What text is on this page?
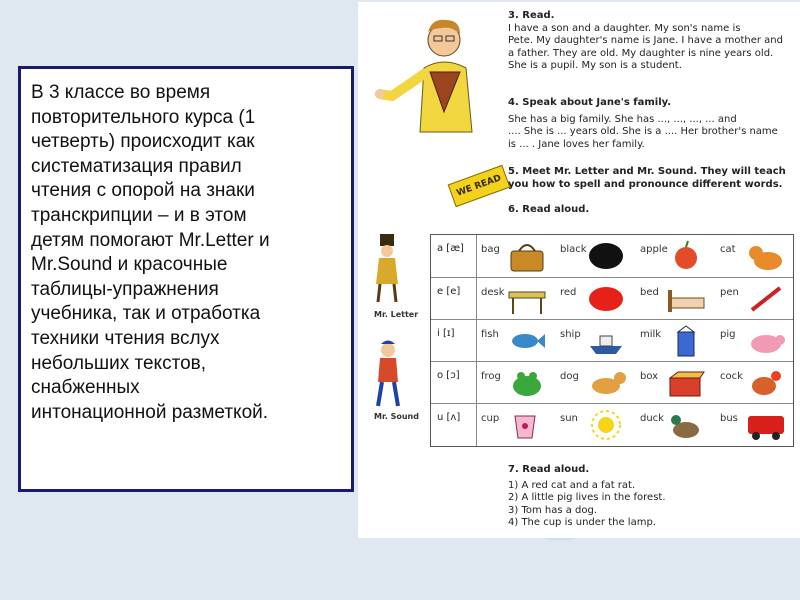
В 3 классе во время

повторительного курса (1

четверть) происходит как

систематизация правил

чтения с опорой на знаки

транскрипции – и в этом

детям помогают Mr.Letter и

Mr.Sound и красочные

таблицы-упражнения

учебника, так и отработка

техники чтения вслух

небольших текстов,

снабженных

интонационной разметкой.

WE READ
3. Read.

I have a son and a daughter. My son's name is

Pete. My daughter's name is Jane. I have a mother and

a father. They are old. My daughter is nine years old.

She is a pupil. My son is a student.

4. Speak about Jane's family.

She has a big family. She has ..., ..., ..., ... and

.... She is ... years old. She is a .... Her brother's name

is ... . Jane loves her family.

5. Meet Mr. Letter and Mr. Sound. They will teach

you how to spell and pronounce different words.

6. Read aloud.
Mr. Letter
Mr. Sound
a [æ]	bag	black	apple	cat
e [e]	desk	red	bed	pen
i [ɪ]	fish	ship	milk	pig
o [ɔ]	frog	dog	box	cock
u [ʌ]	cup	sun	duck	bus
7. Read aloud.

1) A red cat and a fat rat.

2) A little pig lives in the forest.

3) Tom has a dog.

4) The cup is under the lamp.
